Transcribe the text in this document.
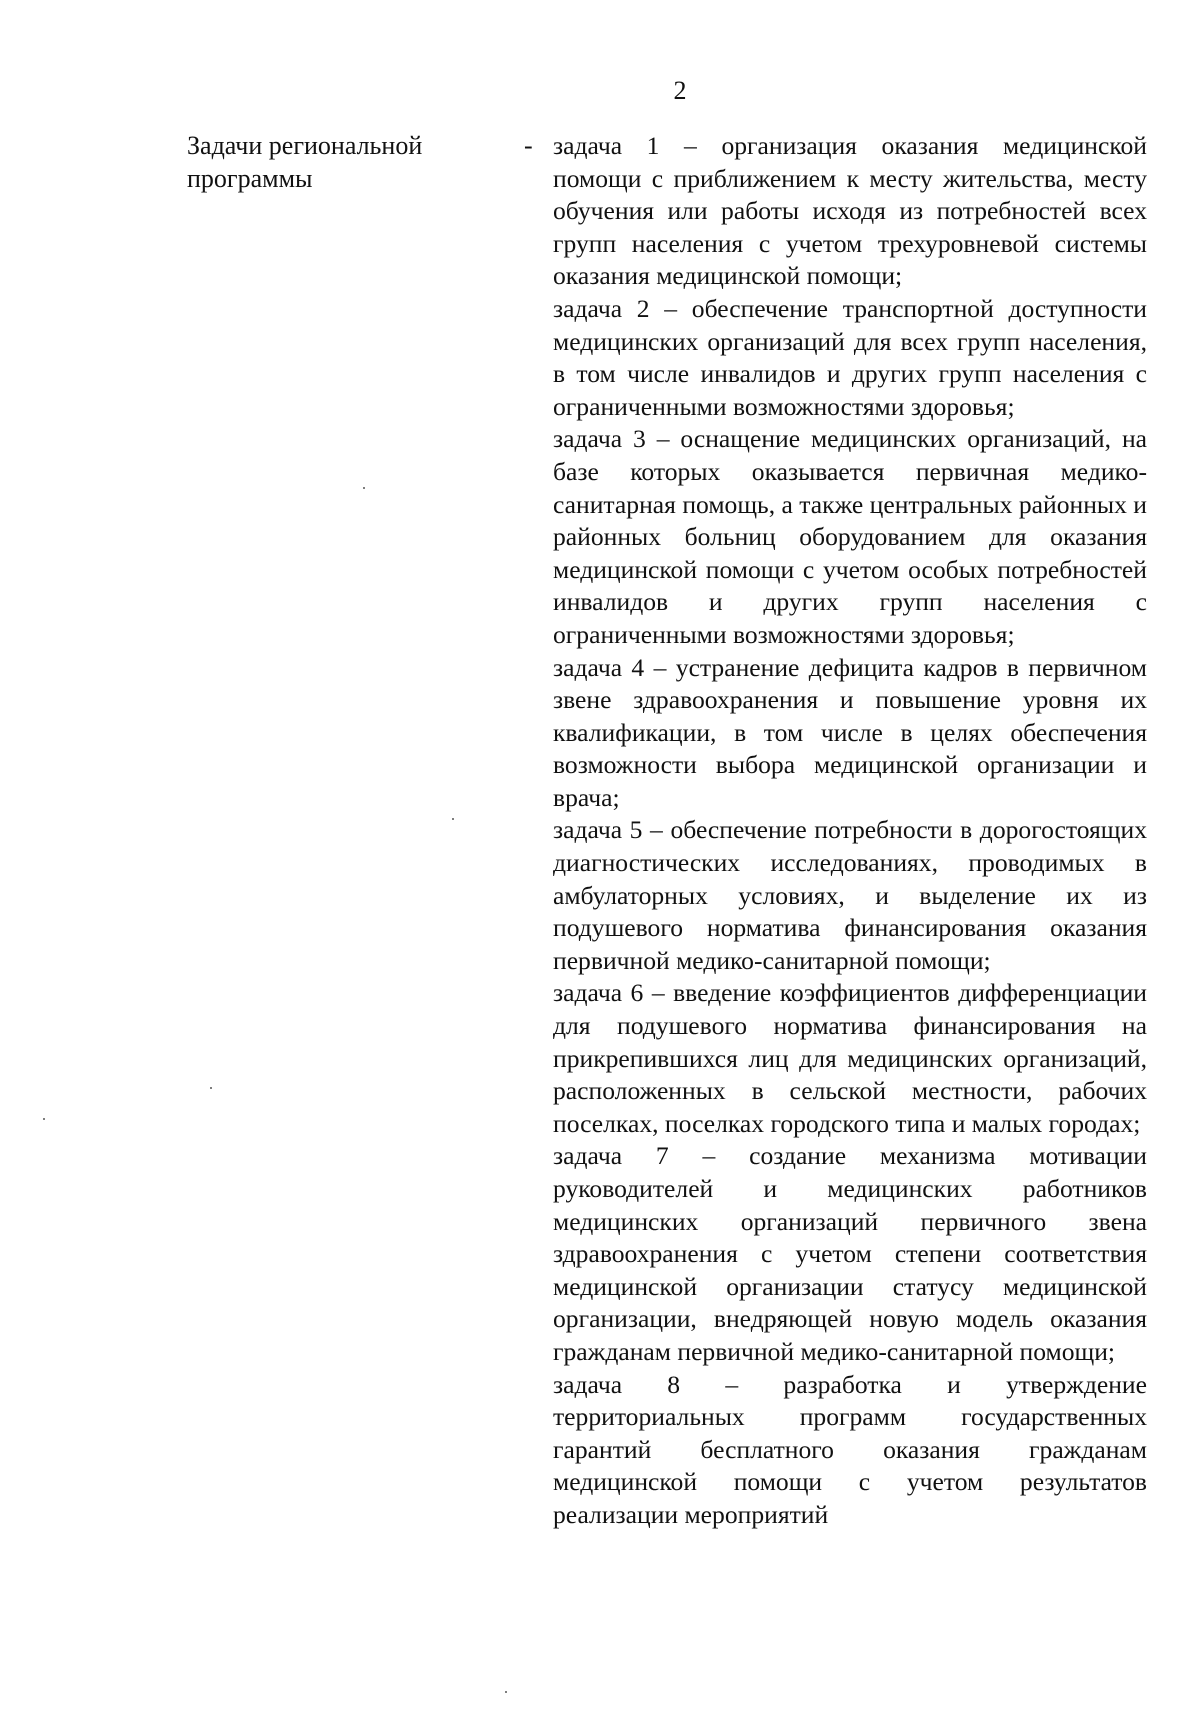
2
Задачи региональной
программы
- задача 1 – организация оказания медицинской помощи с приближением к месту жительства, месту обучения или работы исходя из потребностей всех групп населения с учетом трехуровневой системы оказания медицинской помощи;

задача 2 – обеспечение транспортной доступности медицинских организаций для всех групп населения, в том числе инвалидов и других групп населения с ограниченными возможностями здоровья;

задача 3 – оснащение медицинских организаций, на базе которых оказывается первичная медико-санитарная помощь, а также центральных районных и районных больниц оборудованием для оказания медицинской помощи с учетом особых потребностей инвалидов и других групп населения с ограниченными возможностями здоровья;

задача 4 – устранение дефицита кадров в первичном звене здравоохранения и повышение уровня их квалификации, в том числе в целях обеспечения возможности выбора медицинской организации и врача;

задача 5 – обеспечение потребности в дорогостоящих диагностических исследованиях, проводимых в амбулаторных условиях, и выделение их из подушевого норматива финансирования оказания первичной медико-санитарной помощи;

задача 6 – введение коэффициентов дифференциации для подушевого норматива финансирования на прикрепившихся лиц для медицинских организаций, расположенных в сельской местности, рабочих поселках, поселках городского типа и малых городах;

задача 7 – создание механизма мотивации руководителей и медицинских работников медицинских организаций первичного звена здравоохранения с учетом степени соответствия медицинской организации статусу медицинской организации, внедряющей новую модель оказания гражданам первичной медико-санитарной помощи;

задача 8 – разработка и утверждение территориальных программ государственных гарантий бесплатного оказания гражданам медицинской помощи с учетом результатов реализации мероприятий
